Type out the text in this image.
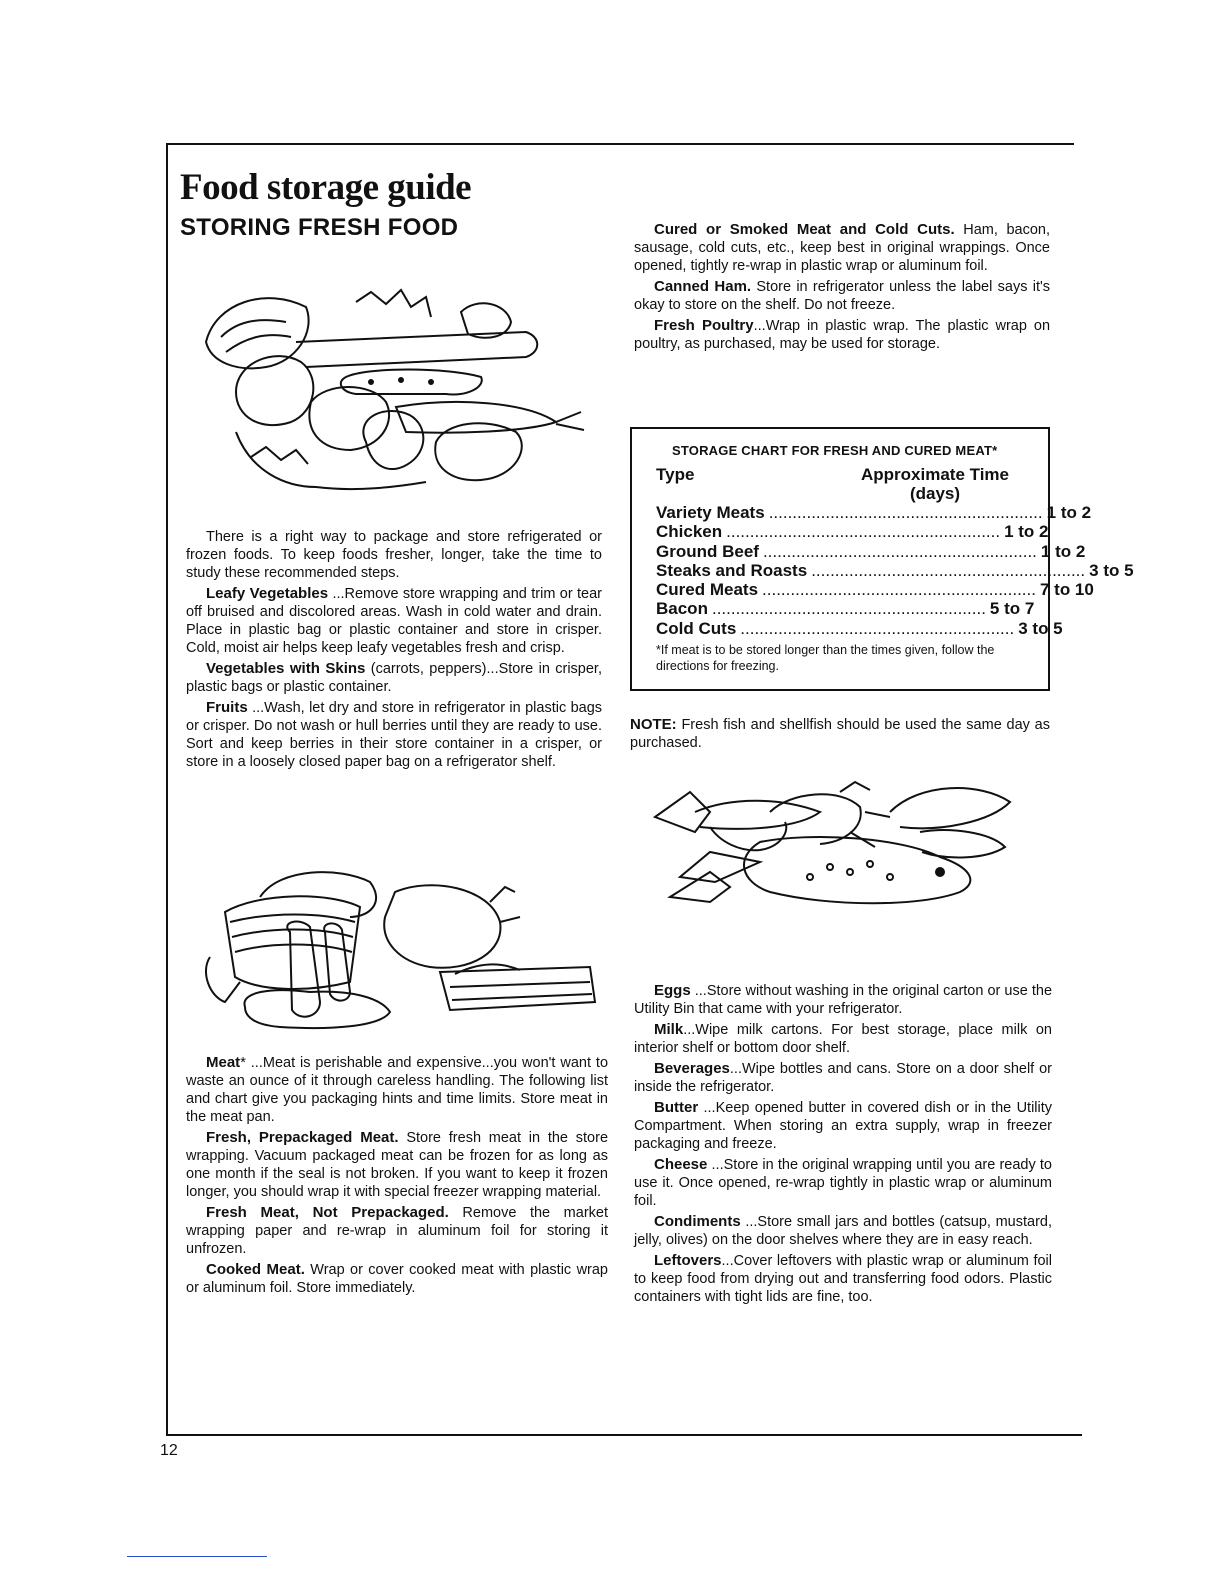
12
Food storage guide
STORING FRESH FOOD

There is a right way to package and store refrigerated or frozen foods. To keep foods fresher, longer, take the time to study these recommended steps.

Leafy Vegetables ...Remove store wrapping and trim or tear off bruised and discolored areas. Wash in cold water and drain. Place in plastic bag or plastic container and store in crisper. Cold, moist air helps keep leafy vegetables fresh and crisp.

Vegetables with Skins (carrots, peppers)...Store in crisper, plastic bags or plastic container.

Fruits ...Wash, let dry and store in refrigerator in plastic bags or crisper. Do not wash or hull berries until they are ready to use. Sort and keep berries in their store container in a crisper, or store in a loosely closed paper bag on a refrigerator shelf.

Meat* ...Meat is perishable and expensive...you won't want to waste an ounce of it through careless handling. The following list and chart give you packaging hints and time limits. Store meat in the meat pan.

Fresh, Prepackaged Meat. Store fresh meat in the store wrapping. Vacuum packaged meat can be frozen for as long as one month if the seal is not broken. If you want to keep it frozen longer, you should wrap it with special freezer wrapping material.

Fresh Meat, Not Prepackaged. Remove the market wrapping paper and re-wrap in aluminum foil for storing it unfrozen.

Cooked Meat. Wrap or cover cooked meat with plastic wrap or aluminum foil. Store immediately.

Cured or Smoked Meat and Cold Cuts. Ham, bacon, sausage, cold cuts, etc., keep best in original wrappings. Once opened, tightly re-wrap in plastic wrap or aluminum foil.

Canned Ham. Store in refrigerator unless the label says it's okay to store on the shelf. Do not freeze.

Fresh Poultry...Wrap in plastic wrap. The plastic wrap on poultry, as purchased, may be used for storage.

STORAGE CHART FOR FRESH AND CURED MEAT*
Type	Approximate Time (days)
Variety Meats .......................................................... 1 to 2
Chicken .......................................................... 1 to 2
Ground Beef .......................................................... 1 to 2
Steaks and Roasts .......................................................... 3 to 5
Cured Meats .......................................................... 7 to 10
Bacon .......................................................... 5 to 7
Cold Cuts .......................................................... 3 to 5
*If meat is to be stored longer than the times given, follow the directions for freezing.

NOTE: Fresh fish and shellfish should be used the same day as purchased.

Eggs ...Store without washing in the original carton or use the Utility Bin that came with your refrigerator.

Milk...Wipe milk cartons. For best storage, place milk on interior shelf or bottom door shelf.

Beverages...Wipe bottles and cans. Store on a door shelf or inside the refrigerator.

Butter ...Keep opened butter in covered dish or in the Utility Compartment. When storing an extra supply, wrap in freezer packaging and freeze.

Cheese ...Store in the original wrapping until you are ready to use it. Once opened, re-wrap tightly in plastic wrap or aluminum foil.

Condiments ...Store small jars and bottles (catsup, mustard, jelly, olives) on the door shelves where they are in easy reach.

Leftovers...Cover leftovers with plastic wrap or aluminum foil to keep food from drying out and transferring food odors. Plastic containers with tight lids are fine, too.
